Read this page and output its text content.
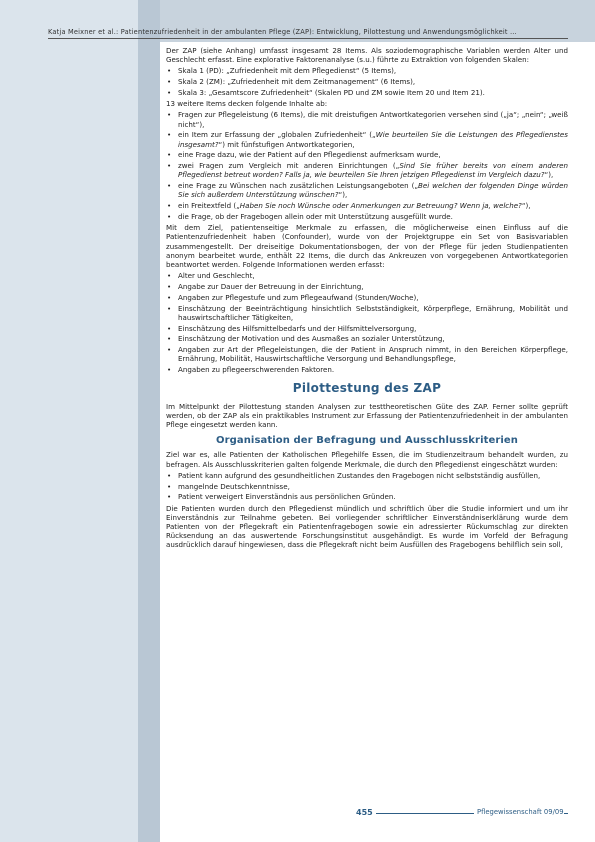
Katja Meixner et al.: Patientenzufriedenheit in der ambulanten Pflege (ZAP): Entwicklung, Pilottestung und Anwendungsmöglichkeit …

Der ZAP (siehe Anhang) umfasst insgesamt 28 Items. Als soziodemographische Variablen werden Alter und Geschlecht erfasst. Eine explorative Faktorenanalyse (s.u.) führte zu Extraktion von folgenden Skalen:

• Skala 1 (PD): „Zufriedenheit mit dem Pflegedienst“ (5 Items),
• Skala 2 (ZM): „Zufriedenheit mit dem Zeitmanagement“ (6 Items),
• Skala 3: „Gesamtscore Zufriedenheit“ (Skalen PD und ZM sowie Item 20 und Item 21).

13 weitere Items decken folgende Inhalte ab:

• Fragen zur Pflegeleistung (6 Items), die mit dreistufigen Antwortkategorien versehen sind („ja“; „nein“; „weiß nicht“),
• ein Item zur Erfassung der „globalen Zufriedenheit“ („Wie beurteilen Sie die Leistungen des Pflegedienstes insgesamt?“) mit fünfstufigen Antwortkategorien,
• eine Frage dazu, wie der Patient auf den Pflegedienst aufmerksam wurde,
• zwei Fragen zum Vergleich mit anderen Einrichtungen („Sind Sie früher bereits von einem anderen Pflegedienst betreut worden? Falls ja, wie beurteilen Sie Ihren jetzigen Pflegedienst im Vergleich dazu?“),
• eine Frage zu Wünschen nach zusätzlichen Leistungsangeboten („Bei welchen der folgenden Dinge würden Sie sich außerdem Unterstützung wünschen?“),
• ein Freitextfeld („Haben Sie noch Wünsche oder Anmerkungen zur Betreuung? Wenn ja, welche?“),
• die Frage, ob der Fragebogen allein oder mit Unterstützung ausgefüllt wurde.

Mit dem Ziel, patientenseitige Merkmale zu erfassen, die möglicherweise einen Einfluss auf die Patientenzufriedenheit haben (Confounder), wurde von der Projektgruppe ein Set von Basisvariablen zusammengestellt. Der dreiseitige Dokumentationsbogen, der von der Pflege für jeden Studienpatienten anonym bearbeitet wurde, enthält 22 Items, die durch das Ankreuzen von vorgegebenen Antwortkategorien beantwortet werden. Folgende Informationen werden erfasst:

• Alter und Geschlecht,
• Angabe zur Dauer der Betreuung in der Einrichtung,
• Angaben zur Pflegestufe und zum Pflegeaufwand (Stunden/Woche),
• Einschätzung der Beeinträchtigung hinsichtlich Selbstständigkeit, Körperpflege, Ernährung, Mobilität und hauswirtschaftlicher Tätigkeiten,
• Einschätzung des Hilfsmittelbedarfs und der Hilfsmittelversorgung,
• Einschätzung der Motivation und des Ausmaßes an sozialer Unterstützung,
• Angaben zur Art der Pflegeleistungen, die der Patient in Anspruch nimmt, in den Bereichen Körperpflege, Ernährung, Mobilität, Hauswirtschaftliche Versorgung und Behandlungspflege,
• Angaben zu pflegeerschwerenden Faktoren.
Pilottestung des ZAP

Im Mittelpunkt der Pilottestung standen Analysen zur testtheoretischen Güte des ZAP. Ferner sollte geprüft werden, ob der ZAP als ein praktikables Instrument zur Erfassung der Patientenzufriedenheit in der ambulanten Pflege eingesetzt werden kann.

Organisation der Befragung und Ausschlusskriterien

Ziel war es, alle Patienten der Katholischen Pflegehilfe Essen, die im Studienzeitraum behandelt wurden, zu befragen. Als Ausschlusskriterien galten folgende Merkmale, die durch den Pflegedienst eingeschätzt wurden:

• Patient kann aufgrund des gesundheitlichen Zustandes den Fragebogen nicht selbstständig ausfüllen,
• mangelnde Deutschkenntnisse,
• Patient verweigert Einverständnis aus persönlichen Gründen.

Die Patienten wurden durch den Pflegedienst mündlich und schriftlich über die Studie informiert und um ihr Einverständnis zur Teilnahme gebeten. Bei vorliegender schriftlicher Einverständniserklärung wurde dem Patienten von der Pflegekraft ein Patientenfragebogen sowie ein adressierter Rückumschlag zur direkten Rücksendung an das auswertende Forschungsinstitut ausgehändigt. Es wurde im Vorfeld der Befragung ausdrücklich darauf hingewiesen, dass die Pflegekraft nicht beim Ausfüllen des Fragebogens behilflich sein soll,

455	Pflegewissenschaft 09/09
